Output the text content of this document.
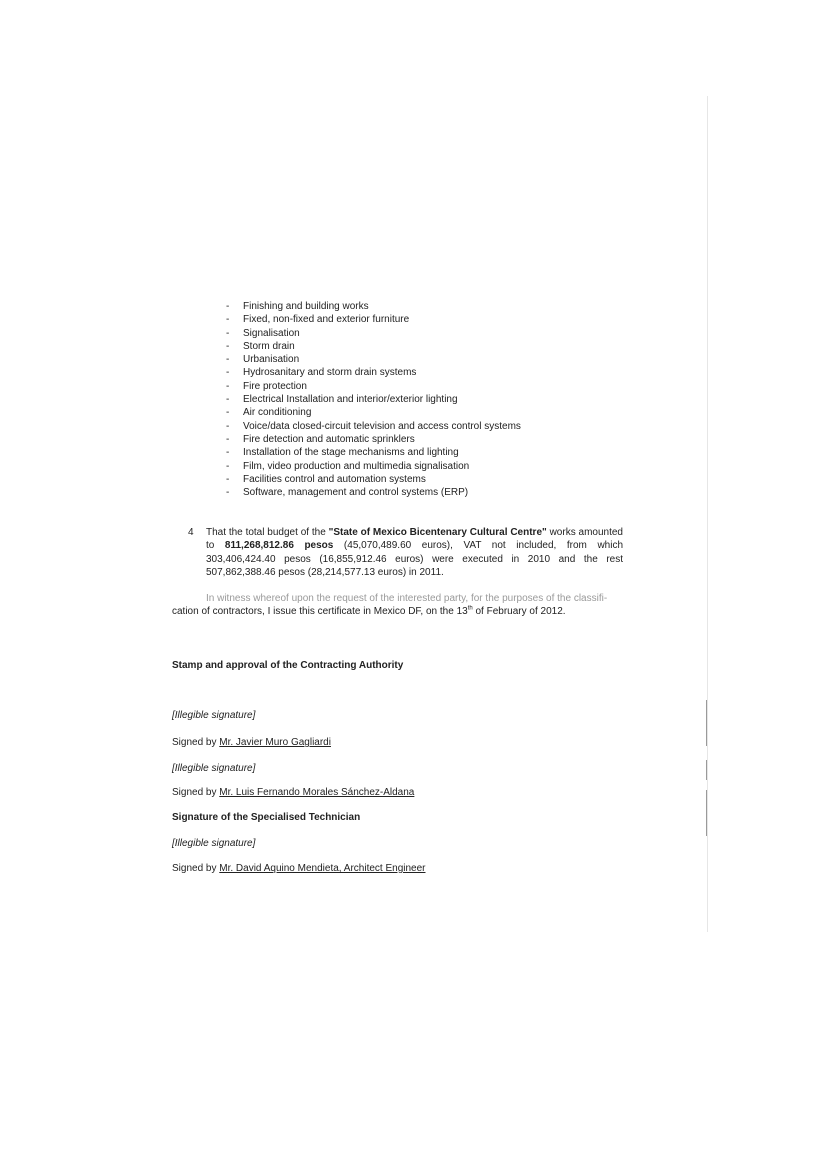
-	Finishing and building works
-	Fixed, non-fixed and exterior furniture
-	Signalisation
-	Storm drain
-	Urbanisation
-	Hydrosanitary and storm drain systems
-	Fire protection
-	Electrical Installation and interior/exterior lighting
-	Air conditioning
-	Voice/data closed-circuit television and access control systems
-	Fire detection and automatic sprinklers
-	Installation of the stage mechanisms and lighting
-	Film, video production and multimedia signalisation
-	Facilities control and automation systems
-	Software, management and control systems (ERP)
4 That the total budget of the "State of Mexico Bicentenary Cultural Centre" works amounted to 811,268,812.86 pesos (45,070,489.60 euros), VAT not included, from which 303,406,424.40 pesos (16,855,912.46 euros) were executed in 2010 and the rest 507,862,388.46 pesos (28,214,577.13 euros) in 2011.
In witness whereof upon the request of the interested party, for the purposes of the classifi-
cation of contractors, I issue this certificate in Mexico DF, on the 13th of February of 2012.
Stamp and approval of the Contracting Authority
[Illegible signature]
Signed by Mr. Javier Muro Gagliardi
[Illegible signature]
Signed by Mr. Luis Fernando Morales Sánchez-Aldana
Signature of the Specialised Technician
[Illegible signature]
Signed by Mr. David Aquino Mendieta, Architect Engineer
